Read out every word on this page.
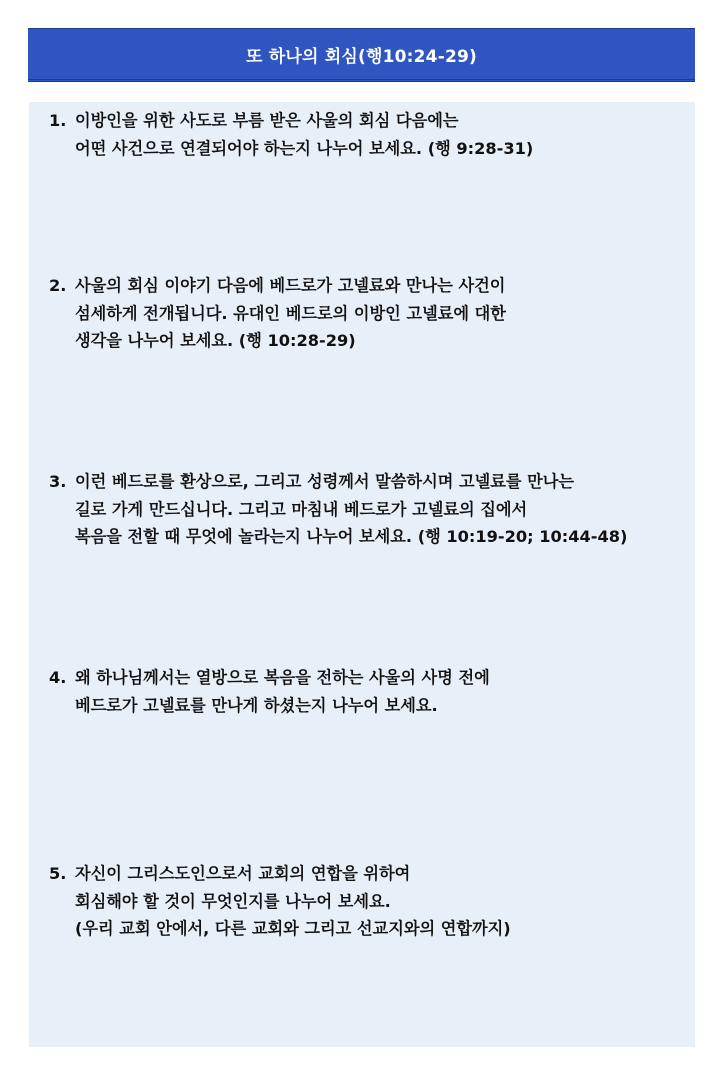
또 하나의 회심(행10:24-29)
1. 이방인을 위한 사도로 부름 받은 사울의 회심 다음에는
어떤 사건으로 연결되어야 하는지 나누어 보세요. (행 9:28-31)
2. 사울의 회심 이야기 다음에 베드로가 고넬료와 만나는 사건이
섬세하게 전개됩니다. 유대인 베드로의 이방인 고넬료에 대한
생각을 나누어 보세요. (행 10:28-29)
3. 이런 베드로를 환상으로, 그리고 성령께서 말씀하시며 고넬료를 만나는
길로 가게 만드십니다. 그리고 마침내 베드로가 고넬료의 집에서
복음을 전할 때 무엇에 놀라는지 나누어 보세요. (행 10:19-20; 10:44-48)
4. 왜 하나님께서는 열방으로 복음을 전하는 사울의 사명 전에
베드로가 고넬료를 만나게 하셨는지 나누어 보세요.
5. 자신이 그리스도인으로서 교회의 연합을 위하여
회심해야 할 것이 무엇인지를 나누어 보세요.
(우리 교회 안에서, 다른 교회와 그리고 선교지와의 연합까지)
